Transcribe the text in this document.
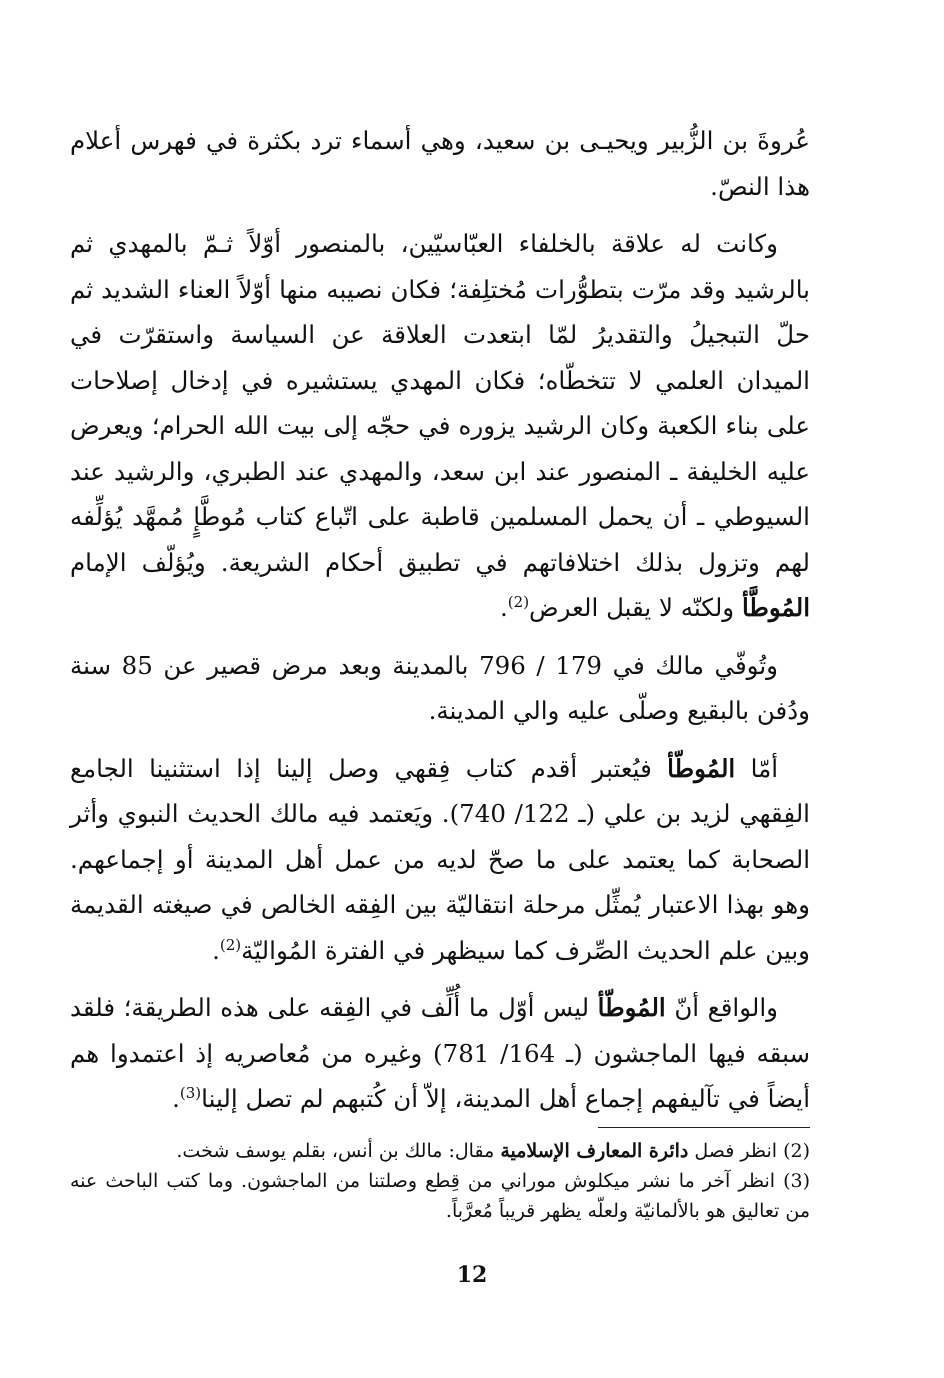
عُروةَ بن الزُّبير ويحيـى بن سعيد، وهي أسماء ترد بكثرة في فهرس أعلام هذا النصّ.

وكانت له علاقة بالخلفاء العبّاسيّين، بالمنصور أوّلاً ثـمّ بالمهدي ثم بالرشيد وقد مرّت بتطوُّرات مُختلِفة؛ فكان نصيبه منها أوّلاً العناء الشديد ثم حلّ التبجيلُ والتقديرُ لمّا ابتعدت العلاقة عن السياسة واستقرّت في الميدان العلمي لا تتخطّاه؛ فكان المهدي يستشيره في إدخال إصلاحات على بناء الكعبة وكان الرشيد يزوره في حجّه إلى بيت الله الحرام؛ ويعرض عليه الخليفة ـ المنصور عند ابن سعد، والمهدي عند الطبري، والرشيد عند السيوطي ـ أن يحمل المسلمين قاطبة على اتّباع كتاب مُوطَّإٍ مُمهَّد يُؤلِّفه لهم وتزول بذلك اختلافاتهم في تطبيق أحكام الشريعة. ويُؤلّف الإمام المُوطَّأ ولكنّه لا يقبل العرض$^{(2)}$.

وتُوفّي مالك في 179 / 796 بالمدينة وبعد مرض قصير عن 85 سنة ودُفن بالبقيع وصلّى عليه والي المدينة.

أمّا المُوطّأ فيُعتبر أقدم كتاب فِقهي وصل إلينا إذا استثنينا الجامع الفِقهي لزيد بن علي (ـ 122/ 740). ويَعتمد فيه مالك الحديث النبوي وأثر الصحابة كما يعتمد على ما صحّ لديه من عمل أهل المدينة أو إجماعهم. وهو بهذا الاعتبار يُمثِّل مرحلة انتقاليّة بين الفِقه الخالص في صيغته القديمة وبين علم الحديث الصِّرف كما سيظهر في الفترة المُواليّة$^{(2)}$.

والواقع أنّ المُوطّأ ليس أوّل ما أُلِّف في الفِقه على هذه الطريقة؛ فلقد سبقه فيها الماجشون (ـ 164/ 781) وغيره من مُعاصريه إذ اعتمدوا هم أيضاً في تآليفهم إجماع أهل المدينة، إلاّ أن كُتبهم لم تصل إلينا$^{(3)}$.

(2) انظر فصل دائرة المعارف الإسلامية مقال: مالك بن أنس، بقلم يوسف شخت.

(3) انظر آخر ما نشر ميكلوش موراني من قِطع وصلتنا من الماجشون. وما كتب الباحث عنه من تعاليق هو بالألمانيّة ولعلّه يظهر قريباً مُعرَّباً.

12
